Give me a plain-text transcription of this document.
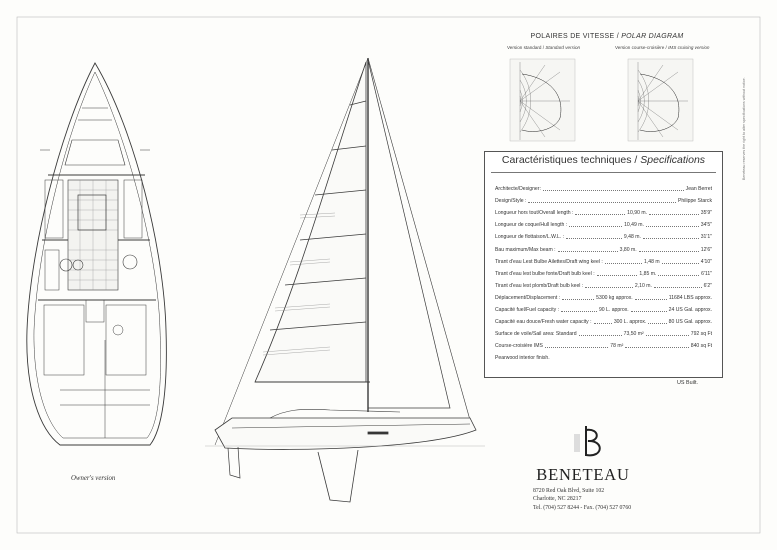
POLAIRES DE VITESSE / POLAR DIAGRAM
Version standard / Standard version	Version course-croisière / IMS cruising version
Caractéristiques techniques / Specifications
Architecte/Designer:	Jean Berret
Design/Style :	Philippe Starck
Longueur hors tout/Overall length :	10,90 m.	35'9"
Longueur de coque/Hull length :	10,49 m.	34'5"
Longueur de flottaison/L.W.L. :	9,48 m.	31'1"
Bau maximum/Max beam :	3,80 m.	12'6"
Tirant d'eau Lest Bulbe Ailettes/Draft wing keel :	1,48 m	4'10"
Tirant d'eau lest bulbe fonte/Draft bulb keel :	1,85 m.	6'11"
Tirant d'eau lest plomb/Draft bulb keel :	2,10 m.	6'2"
Déplacement/Displacement :	5300 kg approx.	11684 LBS approx.
Capacité fuel/Fuel capacity :	90 L. approx.	24 US Gal. approx.
Capacité eau douce/Fresh water capacity :	300 L. approx.	80 US Gal. approx.
Surface de voile/Sail area: Standard	73,50 m²	792 sq Ft
Course-croisière IMS	78 m²	840 sq Ft
Pearwood interior finish.
US Built.
Owner's version	BENETEAU
8720 Red Oak Blvd, Suite 102
Charlotte, NC 28217
Tel. (704) 527 8244 - Fax. (704) 527 0760
Beneteau reserves the right to alter specifications without notice.
